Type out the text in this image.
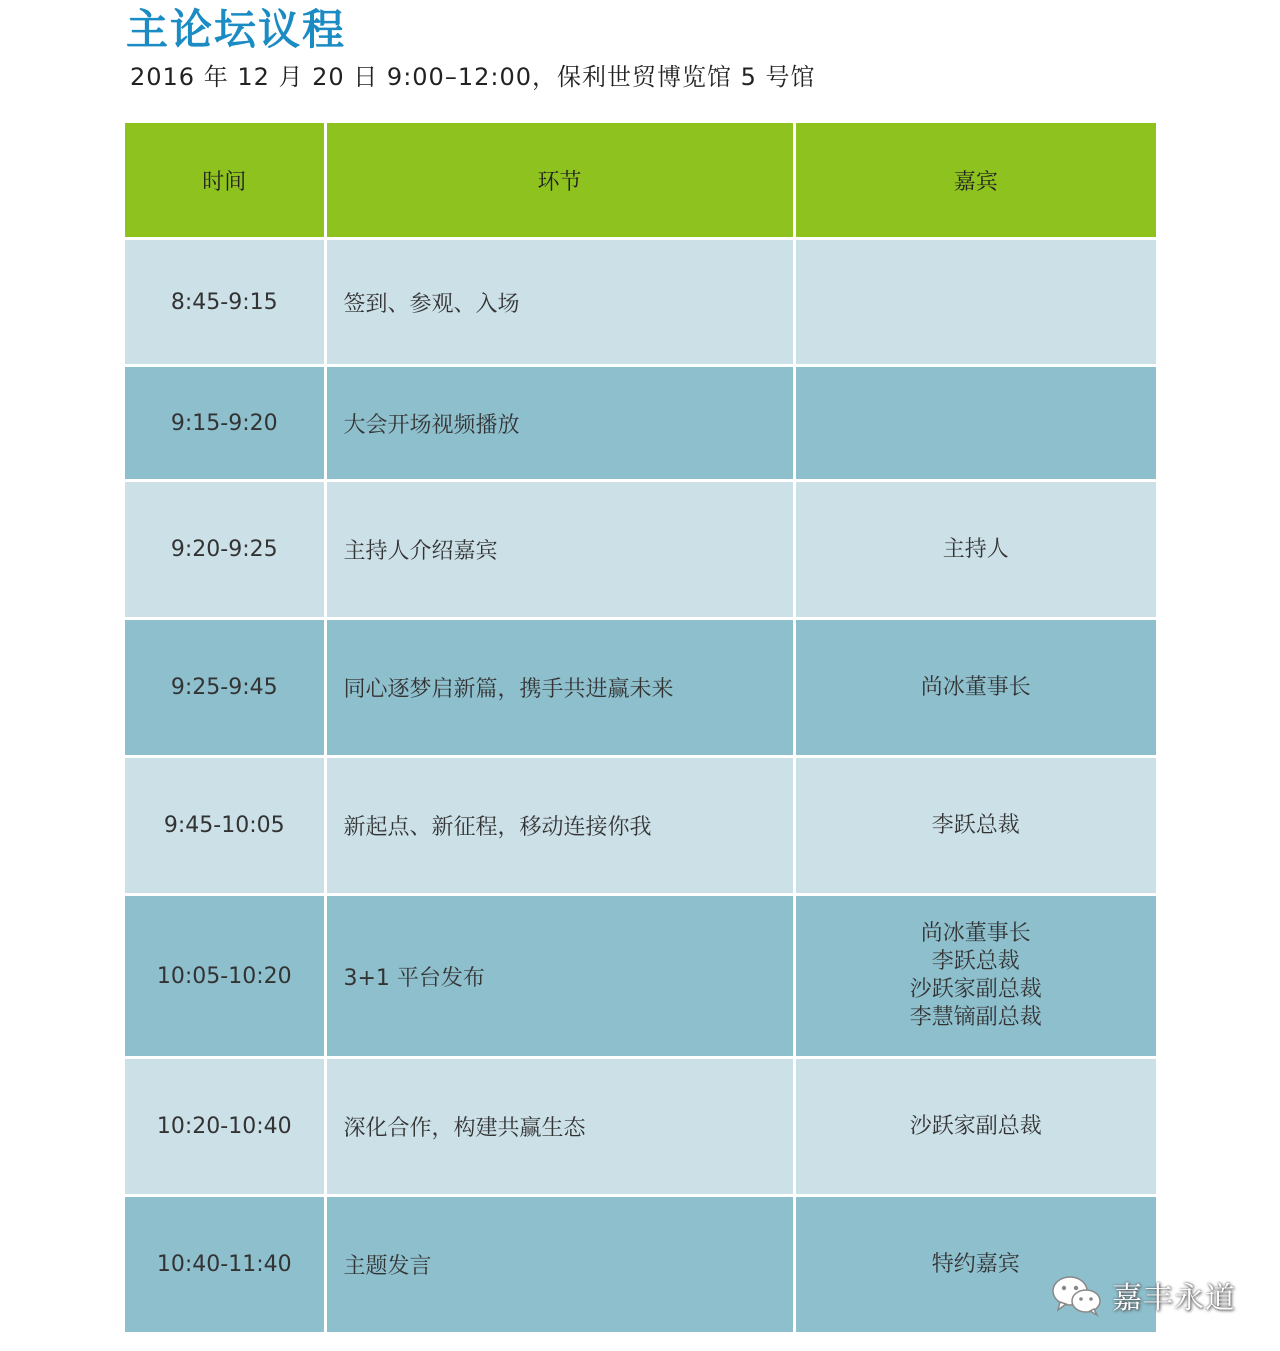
主论坛议程
2016 年 12 月 20 日 9:00–12:00，保利世贸博览馆 5 号馆
时间	环节	嘉宾
8:45-9:15	签到、参观、入场	
9:15-9:20	大会开场视频播放	
9:20-9:25	主持人介绍嘉宾	主持人

9:25-9:45	同心逐梦启新篇，携手共进赢未来	尚冰董事长

9:45-10:05	新起点、新征程，移动连接你我	李跃总裁

10:05-10:20	3+1 平台发布	尚冰董事长
李跃总裁
沙跃家副总裁
李慧镝副总裁

10:20-10:40	深化合作，构建共赢生态	沙跃家副总裁

10:40-11:40	主题发言	特约嘉宾
嘉丰永道
